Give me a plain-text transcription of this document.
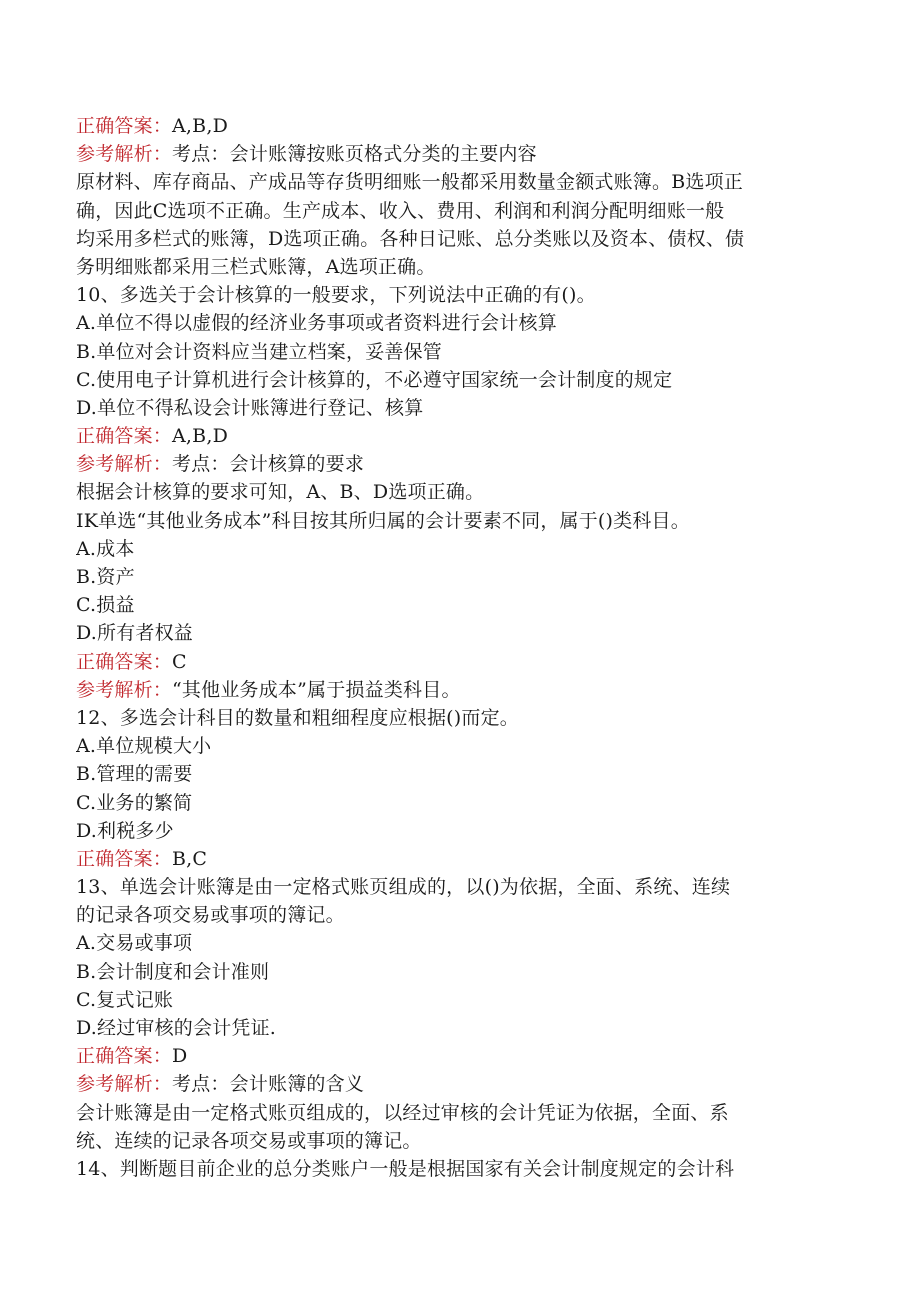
正确答案：A,B,D
参考解析：考点：会计账簿按账页格式分类的主要内容
原材料、库存商品、产成品等存货明细账一般都采用数量金额式账簿。B选项正
确，因此C选项不正确。生产成本、收入、费用、利润和利润分配明细账一般
均采用多栏式的账簿，D选项正确。各种日记账、总分类账以及资本、债权、债
务明细账都采用三栏式账簿，A选项正确。
10、多选关于会计核算的一般要求，下列说法中正确的有()。
A.单位不得以虚假的经济业务事项或者资料进行会计核算
B.单位对会计资料应当建立档案，妥善保管
C.使用电子计算机进行会计核算的，不必遵守国家统一会计制度的规定
D.单位不得私设会计账簿进行登记、核算
正确答案：A,B,D
参考解析：考点：会计核算的要求
根据会计核算的要求可知，A、B、D选项正确。
IK单选“其他业务成本”科目按其所归属的会计要素不同，属于()类科目。
A.成本
B.资产
C.损益
D.所有者权益
正确答案：C
参考解析：“其他业务成本”属于损益类科目。
12、多选会计科目的数量和粗细程度应根据()而定。
A.单位规模大小
B.管理的需要
C.业务的繁简
D.利税多少
正确答案：B,C
13、单选会计账簿是由一定格式账页组成的，以()为依据，全面、系统、连续
的记录各项交易或事项的簿记。
A.交易或事项
B.会计制度和会计准则
C.复式记账
D.经过审核的会计凭证.
正确答案：D
参考解析：考点：会计账簿的含义
会计账簿是由一定格式账页组成的，以经过审核的会计凭证为依据，全面、系
统、连续的记录各项交易或事项的簿记。
14、判断题目前企业的总分类账户一般是根据国家有关会计制度规定的会计科
